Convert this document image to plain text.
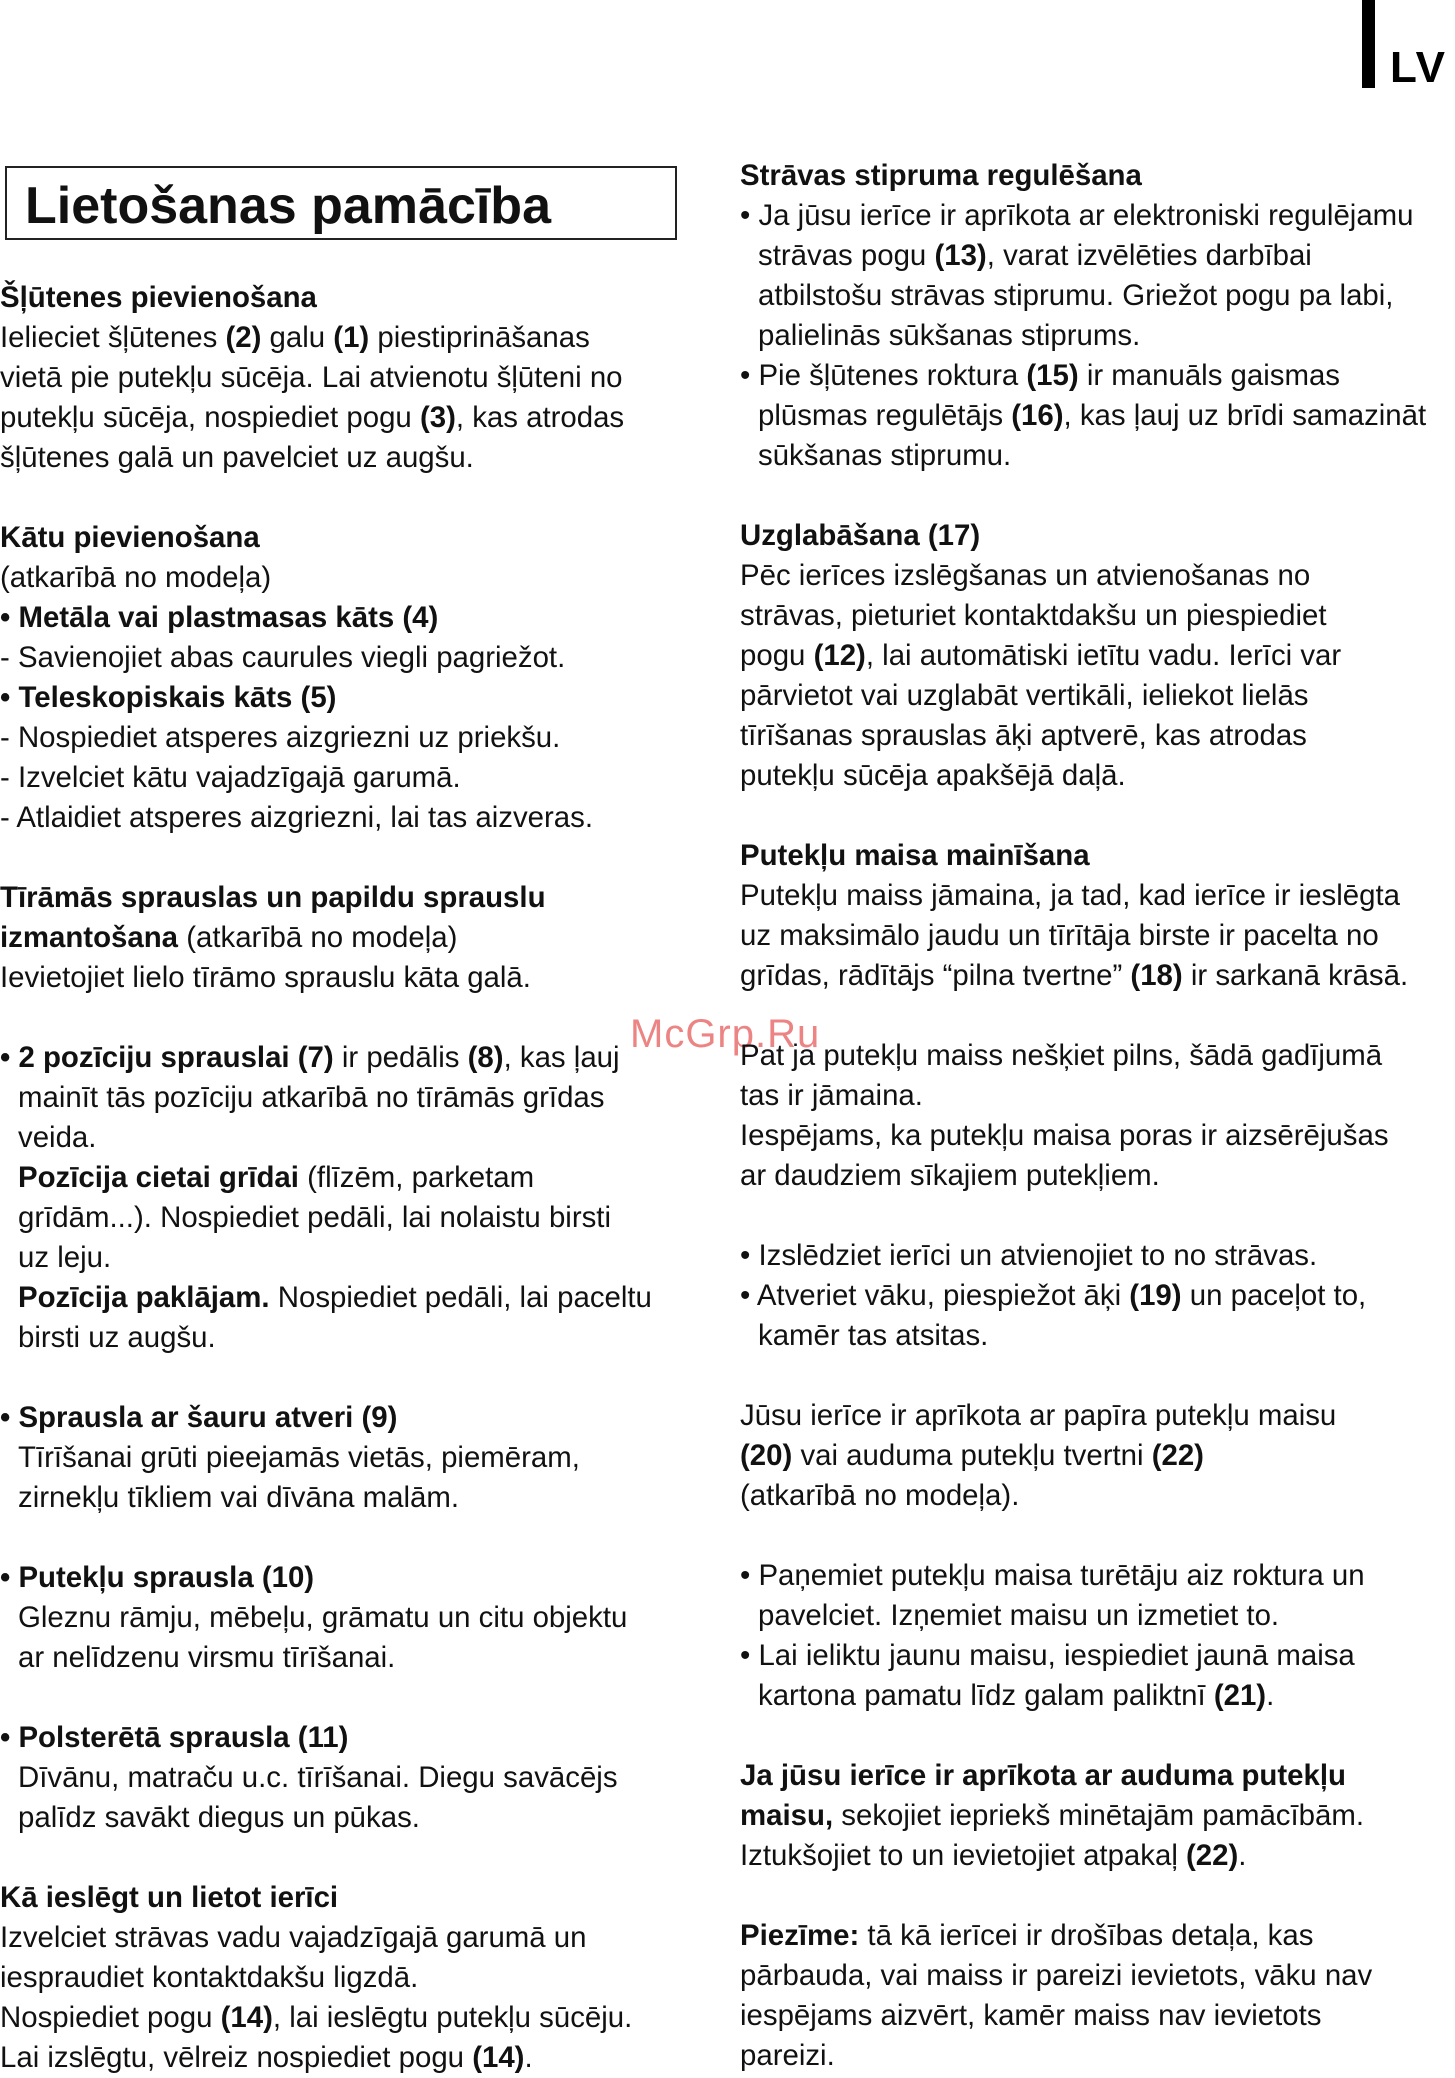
LV
Lietošanas pamācība
McGrp.Ru

Šļūtenes pievienošana

Ielieciet šļūtenes (2) galu (1) piestiprināšanas

vietā pie putekļu sūcēja. Lai atvienotu šļūteni no

putekļu sūcēja, nospiediet pogu (3), kas atrodas

šļūtenes galā un pavelciet uz augšu.

Kātu pievienošana

(atkarībā no modeļa)

• Metāla vai plastmasas kāts (4)

- Savienojiet abas caurules viegli pagriežot.

• Teleskopiskais kāts (5)

- Nospiediet atsperes aizgriezni uz priekšu.

- Izvelciet kātu vajadzīgajā garumā.

- Atlaidiet atsperes aizgriezni, lai tas aizveras.

Tīrāmās sprauslas un papildu sprauslu

izmantošana (atkarībā no modeļa)

Ievietojiet lielo tīrāmo sprauslu kāta galā.

• 2 pozīciju sprauslai (7) ir pedālis (8), kas ļauj

mainīt tās pozīciju atkarībā no tīrāmās grīdas

veida.

Pozīcija cietai grīdai (flīzēm, parketam

grīdām...). Nospiediet pedāli, lai nolaistu birsti

uz leju.

Pozīcija paklājam. Nospiediet pedāli, lai paceltu

birsti uz augšu.

• Sprausla ar šauru atveri (9)

Tīrīšanai grūti pieejamās vietās, piemēram,

zirnekļu tīkliem vai dīvāna malām.

• Putekļu sprausla (10)

Gleznu rāmju, mēbeļu, grāmatu un citu objektu

ar nelīdzenu virsmu tīrīšanai.

• Polsterētā sprausla (11)

Dīvānu, matraču u.c. tīrīšanai. Diegu savācējs

palīdz savākt diegus un pūkas.

Kā ieslēgt un lietot ierīci

Izvelciet strāvas vadu vajadzīgajā garumā un

iespraudiet kontaktdakšu ligzdā.

Nospiediet pogu (14), lai ieslēgtu putekļu sūcēju.

Lai izslēgtu, vēlreiz nospiediet pogu (14).

Strāvas stipruma regulēšana

• Ja jūsu ierīce ir aprīkota ar elektroniski regulējamu

strāvas pogu (13), varat izvēlēties darbībai

atbilstošu strāvas stiprumu. Griežot pogu pa labi,

palielinās sūkšanas stiprums.

• Pie šļūtenes roktura (15) ir manuāls gaismas

plūsmas regulētājs (16), kas ļauj uz brīdi samazināt

sūkšanas stiprumu.

Uzglabāšana (17)

Pēc ierīces izslēgšanas un atvienošanas no

strāvas, pieturiet kontaktdakšu un piespiediet

pogu (12), lai automātiski ietītu vadu. Ierīci var

pārvietot vai uzglabāt vertikāli, ieliekot lielās

tīrīšanas sprauslas āķi aptverē, kas atrodas

putekļu sūcēja apakšējā daļā.

Putekļu maisa mainīšana

Putekļu maiss jāmaina, ja tad, kad ierīce ir ieslēgta

uz maksimālo jaudu un tīrītāja birste ir pacelta no

grīdas, rādītājs “pilna tvertne” (18) ir sarkanā krāsā.

Pat ja putekļu maiss nešķiet pilns, šādā gadījumā

tas ir jāmaina.

Iespējams, ka putekļu maisa poras ir aizsērējušas

ar daudziem sīkajiem putekļiem.

• Izslēdziet ierīci un atvienojiet to no strāvas.

• Atveriet vāku, piespiežot āķi (19) un paceļot to,

kamēr tas atsitas.

Jūsu ierīce ir aprīkota ar papīra putekļu maisu

(20) vai auduma putekļu tvertni (22)

(atkarībā no modeļa).

• Paņemiet putekļu maisa turētāju aiz roktura un

pavelciet. Izņemiet maisu un izmetiet to.

• Lai ieliktu jaunu maisu, iespiediet jaunā maisa

kartona pamatu līdz galam paliktnī (21).

Ja jūsu ierīce ir aprīkota ar auduma putekļu

maisu, sekojiet iepriekš minētajām pamācībām.

Iztukšojiet to un ievietojiet atpakaļ (22).

Piezīme: tā kā ierīcei ir drošības detaļa, kas

pārbauda, vai maiss ir pareizi ievietots, vāku nav

iespējams aizvērt, kamēr maiss nav ievietots

pareizi.
